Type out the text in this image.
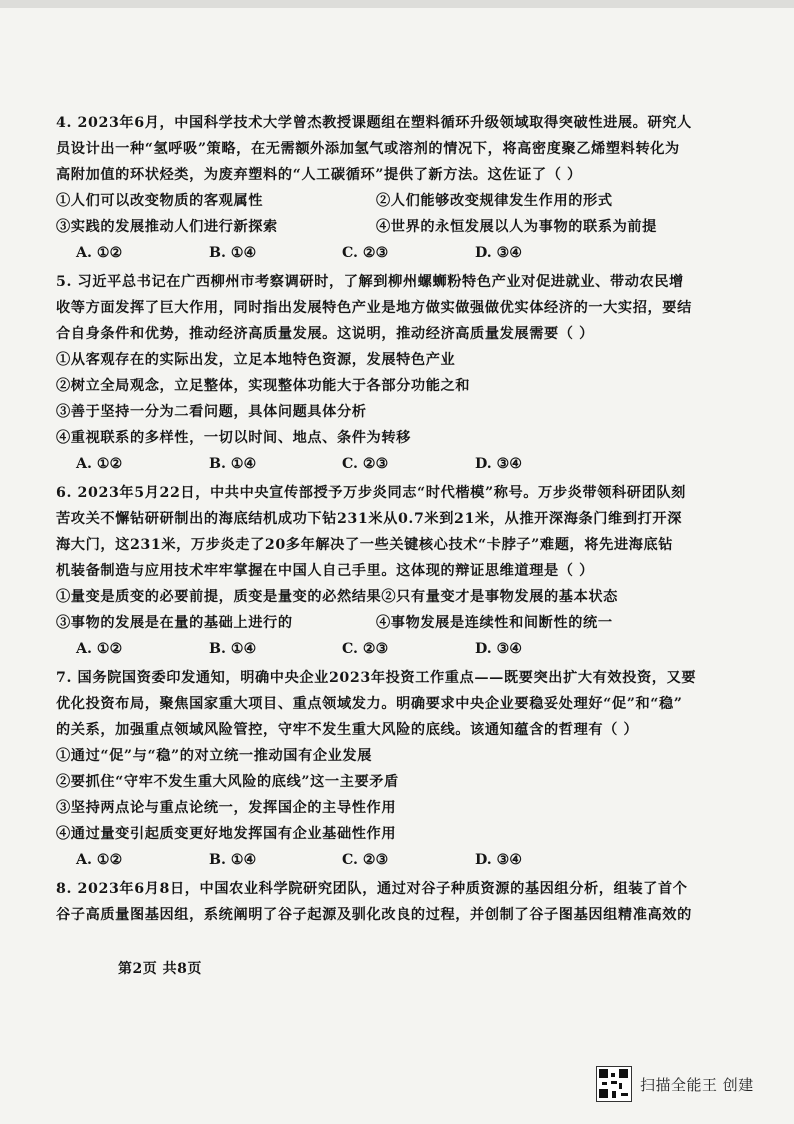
4. 2023年6月，中国科学技术大学曾杰教授课题组在塑料循环升级领域取得突破性进展。研究人
员设计出一种“氢呼吸”策略，在无需额外添加氢气或溶剂的情况下，将高密度聚乙烯塑料转化为
高附加值的环状烃类，为废弃塑料的“人工碳循环”提供了新方法。这佐证了（ ）
①人们可以改变物质的客观属性	②人们能够改变规律发生作用的形式
③实践的发展推动人们进行新探索	④世界的永恒发展以人为事物的联系为前提
A. ①②	B. ①④	C. ②③	D. ③④
5. 习近平总书记在广西柳州市考察调研时，了解到柳州螺蛳粉特色产业对促进就业、带动农民增
收等方面发挥了巨大作用，同时指出发展特色产业是地方做实做强做优实体经济的一大实招，要结
合自身条件和优势，推动经济高质量发展。这说明，推动经济高质量发展需要（ ）
①从客观存在的实际出发，立足本地特色资源，发展特色产业
②树立全局观念，立足整体，实现整体功能大于各部分功能之和
③善于坚持一分为二看问题，具体问题具体分析
④重视联系的多样性，一切以时间、地点、条件为转移
A. ①②	B. ①④	C. ②③	D. ③④
6. 2023年5月22日，中共中央宣传部授予万步炎同志“时代楷模”称号。万步炎带领科研团队刻
苦攻关不懈钻研研制出的海底结机成功下钻231米从0.7米到21米，从推开深海条门维到打开深
海大门，这231米，万步炎走了20多年解决了一些关键核心技术“卡脖子”难题，将先进海底钻
机装备制造与应用技术牢牢掌握在中国人自己手里。这体现的辩证思维道理是（ ）
①量变是质变的必要前提，质变是量变的必然结果 ②只有量变才是事物发展的基本状态
③事物的发展是在量的基础上进行的	④事物发展是连续性和间断性的统一
A. ①②	B. ①④	C. ②③	D. ③④
7. 国务院国资委印发通知，明确中央企业2023年投资工作重点——既要突出扩大有效投资，又要
优化投资布局，聚焦国家重大项目、重点领域发力。明确要求中央企业要稳妥处理好“促”和“稳”
的关系，加强重点领域风险管控，守牢不发生重大风险的底线。该通知蕴含的哲理有（ ）
①通过“促”与“稳”的对立统一推动国有企业发展
②要抓住“守牢不发生重大风险的底线”这一主要矛盾
③坚持两点论与重点论统一，发挥国企的主导性作用
④通过量变引起质变更好地发挥国有企业基础性作用
A. ①②	B. ①④	C. ②③	D. ③④
8. 2023年6月8日，中国农业科学院研究团队，通过对谷子种质资源的基因组分析，组装了首个
谷子高质量图基因组，系统阐明了谷子起源及驯化改良的过程，并创制了谷子图基因组精准高效的
第2页 共8页
扫描全能王 创建
